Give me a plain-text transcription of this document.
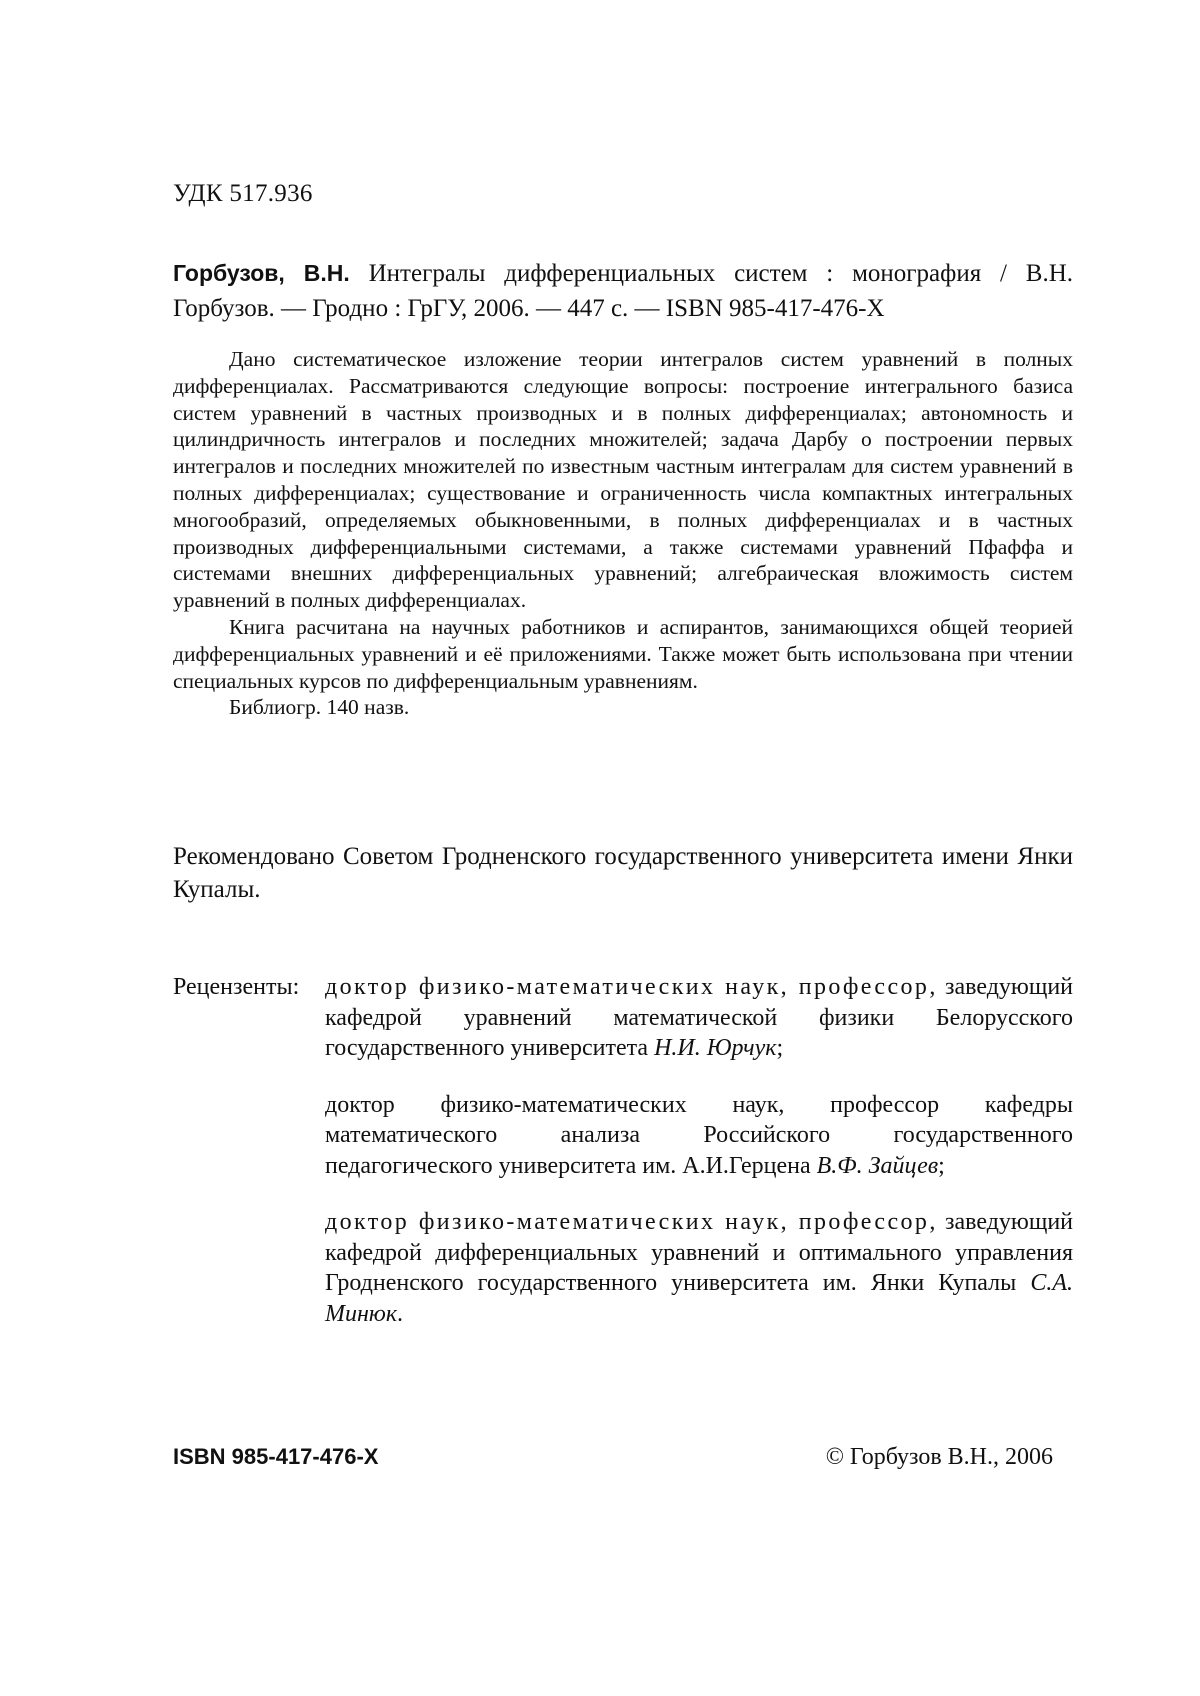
УДК 517.936
Горбузов, В.Н. Интегралы дифференциальных систем : монография / В.Н. Горбузов. — Гродно : ГрГУ, 2006. — 447 с. — ISBN 985-417-476-X

Дано систематическое изложение теории интегралов систем уравнений в полных дифференциалах. Рассматриваются следующие вопросы: построение интегрального базиса систем уравнений в частных производных и в полных дифференциалах; автономность и цилиндричность интегралов и последних множителей; задача Дарбу о построении первых интегралов и последних множителей по известным частным интегралам для систем уравнений в полных дифференциалах; существование и ограниченность числа компактных интегральных многообразий, определяемых обыкновенными, в полных дифференциалах и в частных производных дифференциальными системами, а также системами уравнений Пфаффа и системами внешних дифференциальных уравнений; алгебраическая вложимость систем уравнений в полных дифференциалах.

Книга расчитана на научных работников и аспирантов, занимающихся общей теорией дифференциальных уравнений и её приложениями. Также может быть использована при чтении специальных курсов по дифференциальным уравнениям.

Библиогр. 140 назв.

Рекомендовано Советом Гродненского государственного университета имени Янки Купалы.
Рецензенты: доктор физико-математических наук, профессор, заведующий кафедрой уравнений математической физики Белорусского государственного университета Н.И. Юрчук;

доктор физико-математических наук, профессор кафедры математического анализа Российского государственного педагогического университета им. А.И.Герцена В.Ф. Зайцев;

доктор физико-математических наук, профессор, заведующий кафедрой дифференциальных уравнений и оптимального управления Гродненского государственного университета им. Янки Купалы С.А. Минюк.

ISBN 985-417-476-X	© Горбузов В.Н., 2006
